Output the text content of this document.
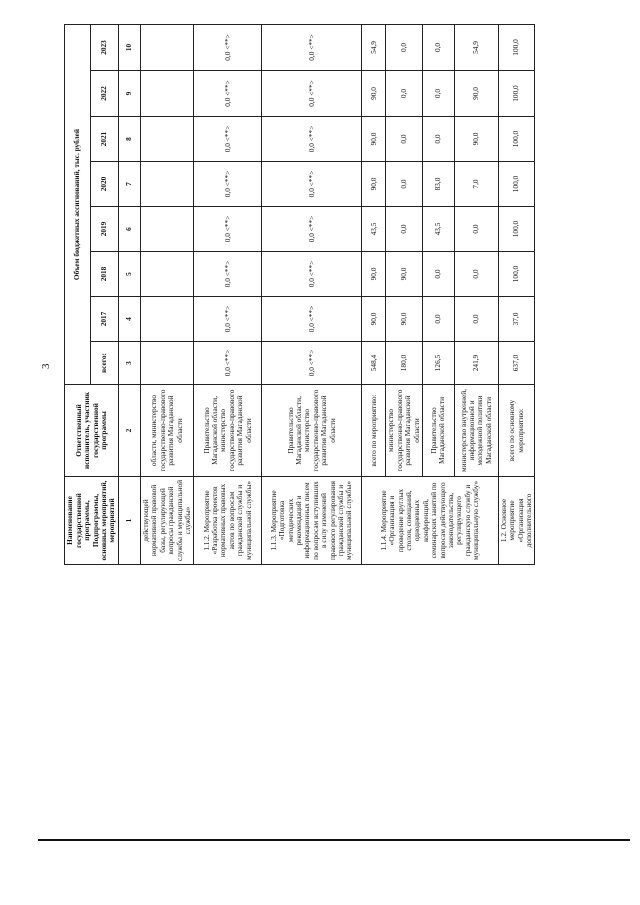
3
Наименование государственной программы, Подпрограммы, основных мероприятий, мероприятий	Ответственный исполнитель, участник государственной программы	Объем бюджетных ассигнований, тыс. рублей							
		всего:	2017	2018	2019	2020	2021	2022	2023
1	2	3	4	5	6	7	8	9	10
действующей нормативной правовой базы, регулирующей вопросы гражданской службы и муниципальной службы»	области, министерство государственно-правового развития Магаданской области								
1.1.2. Мероприятие «Разработка проектов нормативных правовых актов по вопросам гражданской службы и муниципальной службы»	Правительство Магаданской области, министерство государственно-правового развития Магаданской области	0,0 <**>	0,0 <**>	0,0 <**>	0,0 <**>	0,0 <**>	0,0 <**>	0,0 <**>	0,0 <**>
1.1.3. Мероприятие «Подготовка методических рекомендаций и информационных писем по вопросам вступивших в силу изменений правового регулирования гражданской службы и муниципальной службы»	Правительство Магаданской области, министерство государственно-правового развития Магаданской области	0,0 <**>	0,0 <**>	0,0 <**>	0,0 <**>	0,0 <**>	0,0 <**>	0,0 <**>	0,0 <**>
1.1.4. Мероприятие «Организация и проведение круглых столов, совещаний, однодневных конференций, семинарских занятий по вопросам действующего законодательства, регулирующего гражданскую службу и муниципальную службу»	всего по мероприятию:	548,4	90,0	90,0	43,5	90,0	90,0	90,0	54,9
	министерство государственно-правового развития Магаданской области	180,0	90,0	90,0	0,0	0,0	0,0	0,0	0,0
	Правительство Магаданской области	126,5	0,0	0,0	43,5	83,0	0,0	0,0	0,0
	министерство внутренней, информационной и молодежной политики Магаданской области	241,9	0,0	0,0	0,0	7,0	90,0	90,0	54,9
1.2. Основное мероприятие «Организация дополнительного	всего по основному мероприятию:	637,0	37,0	100,0	100,0	100,0	100,0	100,0	100,0
